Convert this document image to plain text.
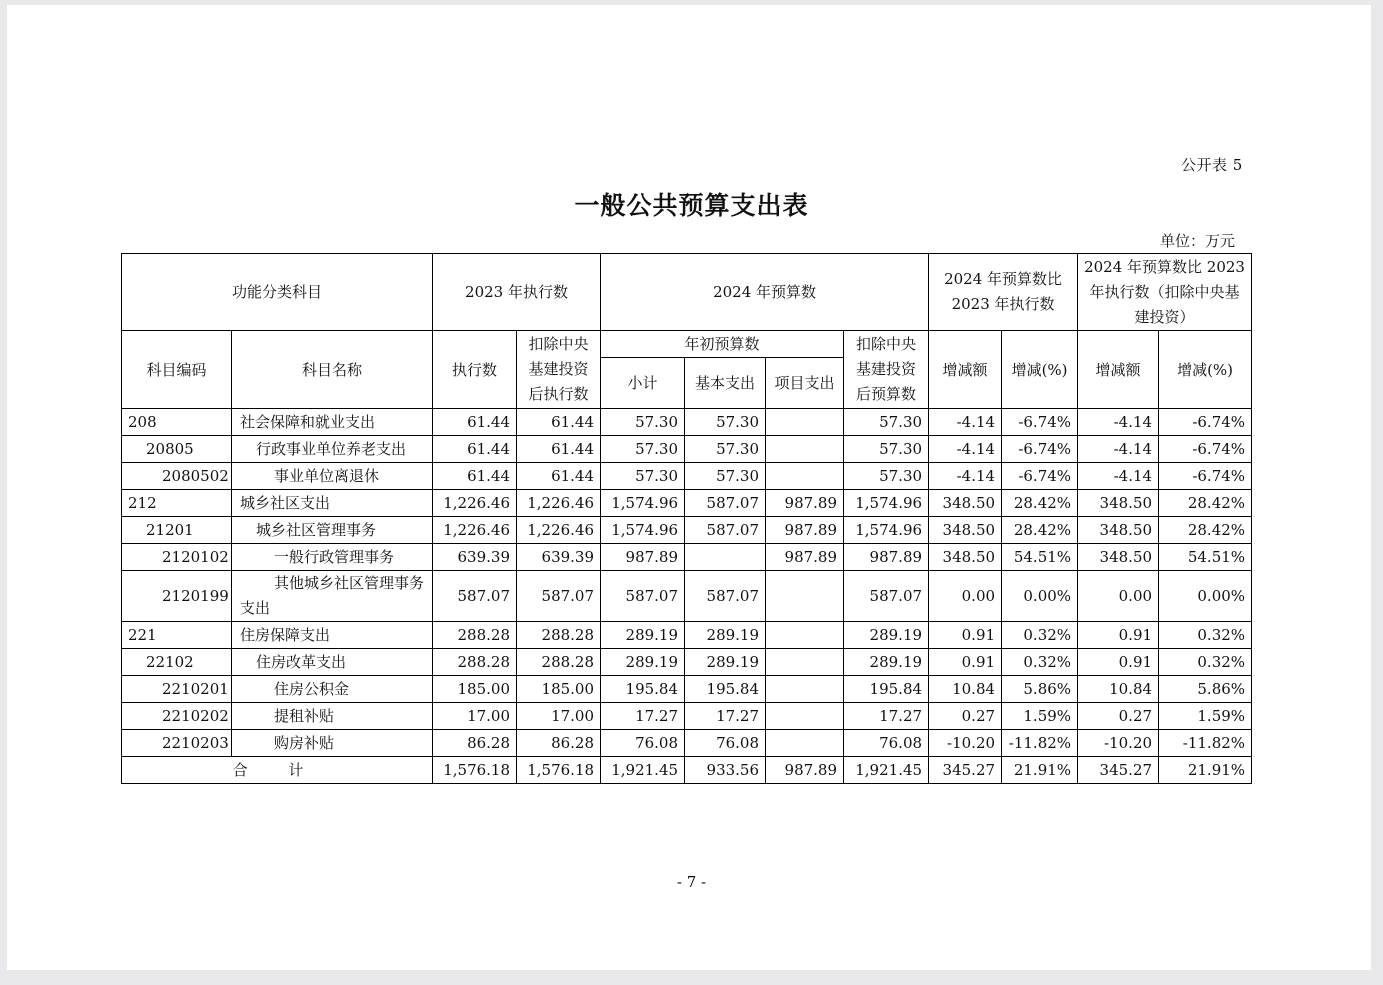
公开表 5
一般公共预算支出表
单位：万元
功能分类科目		2023 年执行数		2024 年预算数				2024 年预算数比 2023 年执行数		2024 年预算数比 2023 年执行数（扣除中央基建投资）	
科目编码	科目名称	执行数	扣除中央基建投资后执行数	年初预算数			扣除中央基建投资后预算数	增减额	增减(%)	增减额	增减(%)
				小计	基本支出	项目支出					
208	社会保障和就业支出	61.44	61.44	57.30	57.30		57.30	-4.14	-6.74%	-4.14	-6.74%
20805	行政事业单位养老支出	61.44	61.44	57.30	57.30		57.30	-4.14	-6.74%	-4.14	-6.74%
2080502	事业单位离退休	61.44	61.44	57.30	57.30		57.30	-4.14	-6.74%	-4.14	-6.74%
212	城乡社区支出	1,226.46	1,226.46	1,574.96	587.07	987.89	1,574.96	348.50	28.42%	348.50	28.42%
21201	城乡社区管理事务	1,226.46	1,226.46	1,574.96	587.07	987.89	1,574.96	348.50	28.42%	348.50	28.42%
2120102	一般行政管理事务	639.39	639.39	987.89		987.89	987.89	348.50	54.51%	348.50	54.51%
2120199	其他城乡社区管理事务支出	587.07	587.07	587.07	587.07		587.07	0.00	0.00%	0.00	0.00%
221	住房保障支出	288.28	288.28	289.19	289.19		289.19	0.91	0.32%	0.91	0.32%
22102	住房改革支出	288.28	288.28	289.19	289.19		289.19	0.91	0.32%	0.91	0.32%
2210201	住房公积金	185.00	185.00	195.84	195.84		195.84	10.84	5.86%	10.84	5.86%
2210202	提租补贴	17.00	17.00	17.27	17.27		17.27	0.27	1.59%	0.27	1.59%
2210203	购房补贴	86.28	86.28	76.08	76.08		76.08	-10.20	-11.82%	-10.20	-11.82%
合 计		1,576.18	1,576.18	1,921.45	933.56	987.89	1,921.45	345.27	21.91%	345.27	21.91%
- 7 -
